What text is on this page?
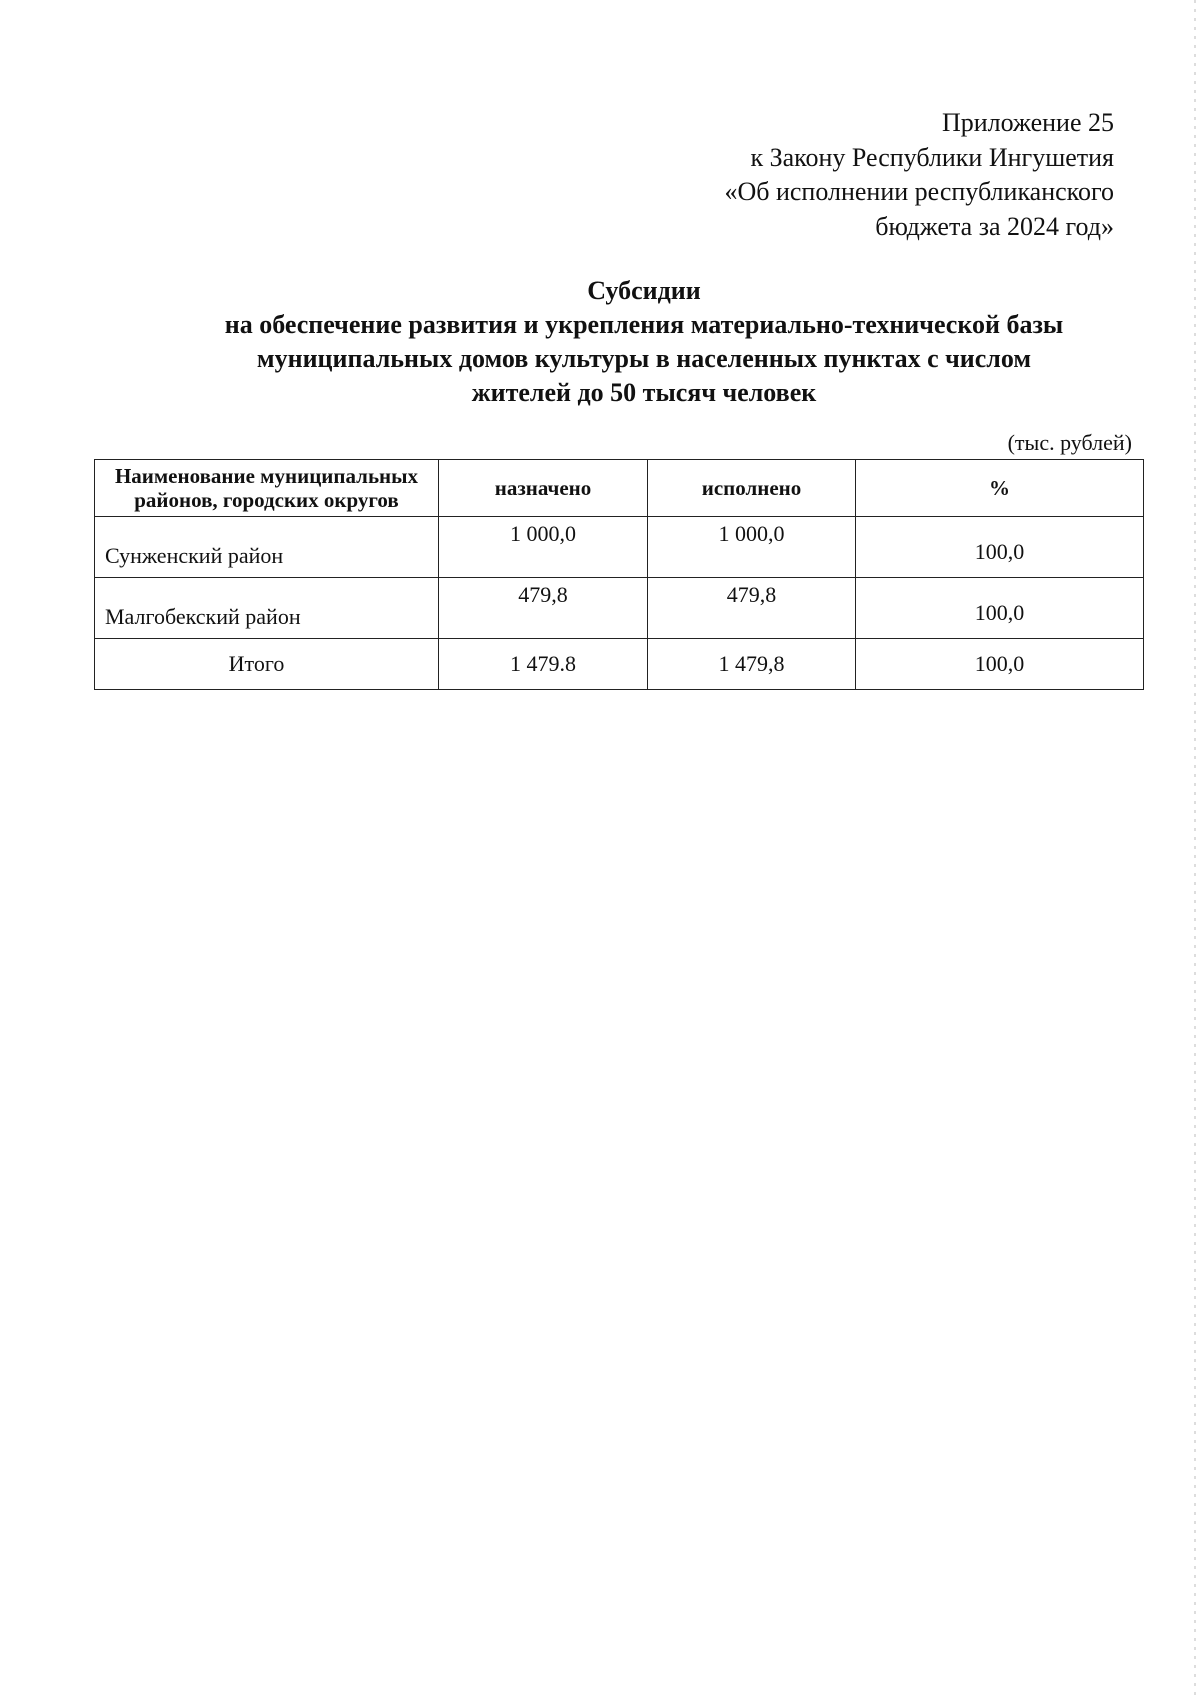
Приложение 25
к Закону Республики Ингушетия
«Об исполнении республиканского
бюджета за 2024 год»
Субсидии
на обеспечение развития и укрепления материально-технической базы
муниципальных домов культуры в населенных пунктах с числом
жителей до 50 тысяч человек
(тыс. рублей)
Наименование муниципальных
районов, городских округов	назначено	исполнено	%
Сунженский район	1 000,0	1 000,0	100,0
Малгобекский район	479,8	479,8	100,0
Итого	1 479.8	1 479,8	100,0
